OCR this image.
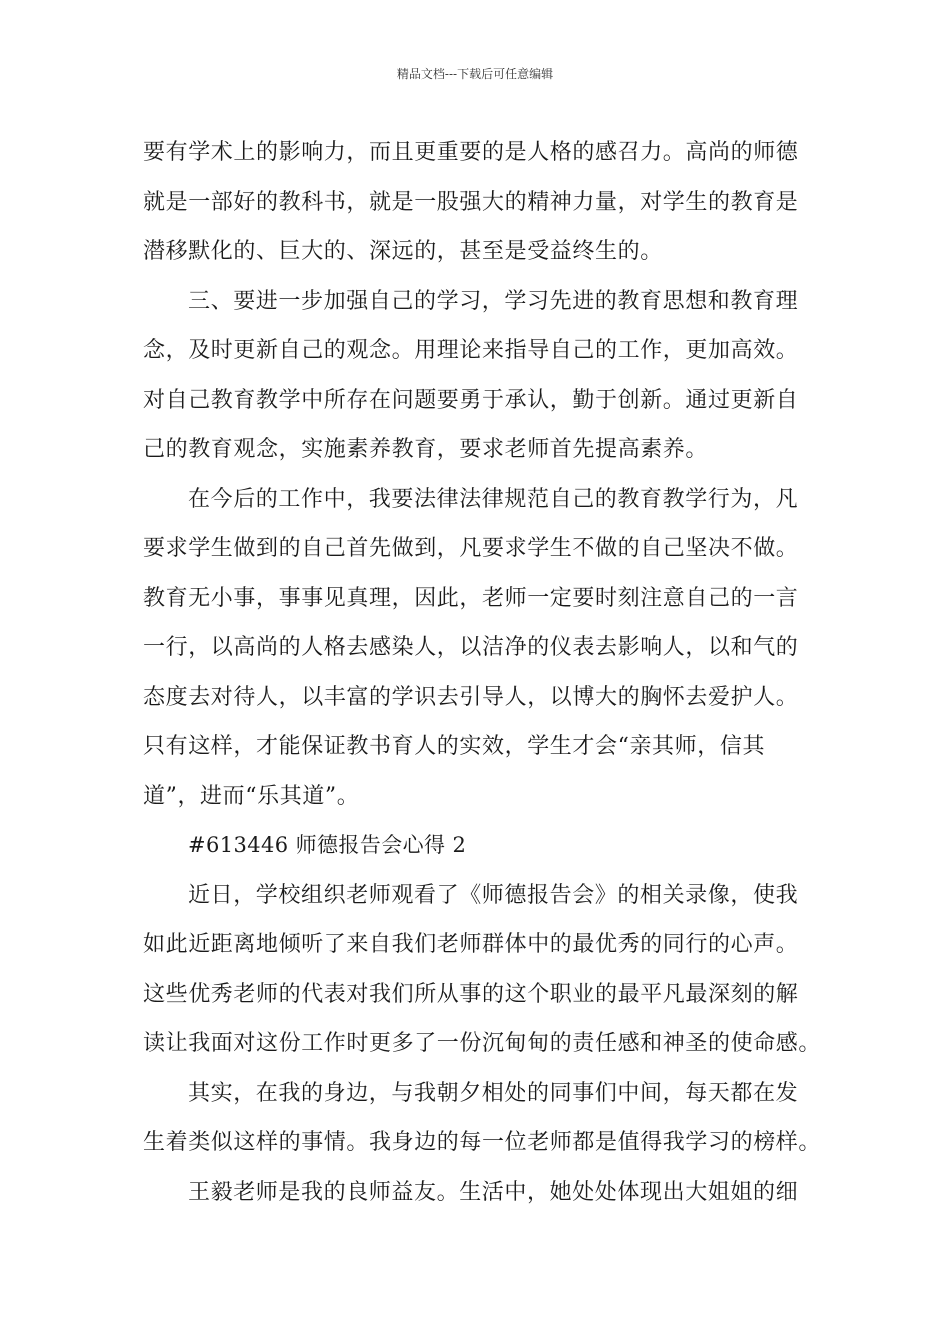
精品文档---下载后可任意编辑

要有学术上的影响力，而且更重要的是人格的感召力。高尚的师德
就是一部好的教科书，就是一股强大的精神力量，对学生的教育是
潜移默化的、巨大的、深远的，甚至是受益终生的。

三、要进一步加强自己的学习，学习先进的教育思想和教育理
念，及时更新自己的观念。用理论来指导自己的工作，更加高效。
对自己教育教学中所存在问题要勇于承认，勤于创新。通过更新自
己的教育观念，实施素养教育，要求老师首先提高素养。

在今后的工作中，我要法律法律规范自己的教育教学行为，凡
要求学生做到的自己首先做到，凡要求学生不做的自己坚决不做。
教育无小事，事事见真理，因此，老师一定要时刻注意自己的一言
一行，以高尚的人格去感染人，以洁净的仪表去影响人，以和气的
态度去对待人，以丰富的学识去引导人，以博大的胸怀去爱护人。
只有这样，才能保证教书育人的实效，学生才会“亲其师，信其
道”，进而“乐其道”。

#613446 师德报告会心得 2

近日，学校组织老师观看了《师德报告会》的相关录像，使我
如此近距离地倾听了来自我们老师群体中的最优秀的同行的心声。
这些优秀老师的代表对我们所从事的这个职业的最平凡最深刻的解
读让我面对这份工作时更多了一份沉甸甸的责任感和神圣的使命感。

其实，在我的身边，与我朝夕相处的同事们中间，每天都在发
生着类似这样的事情。我身边的每一位老师都是值得我学习的榜样。

王毅老师是我的良师益友。生活中，她处处体现出大姐姐的细
